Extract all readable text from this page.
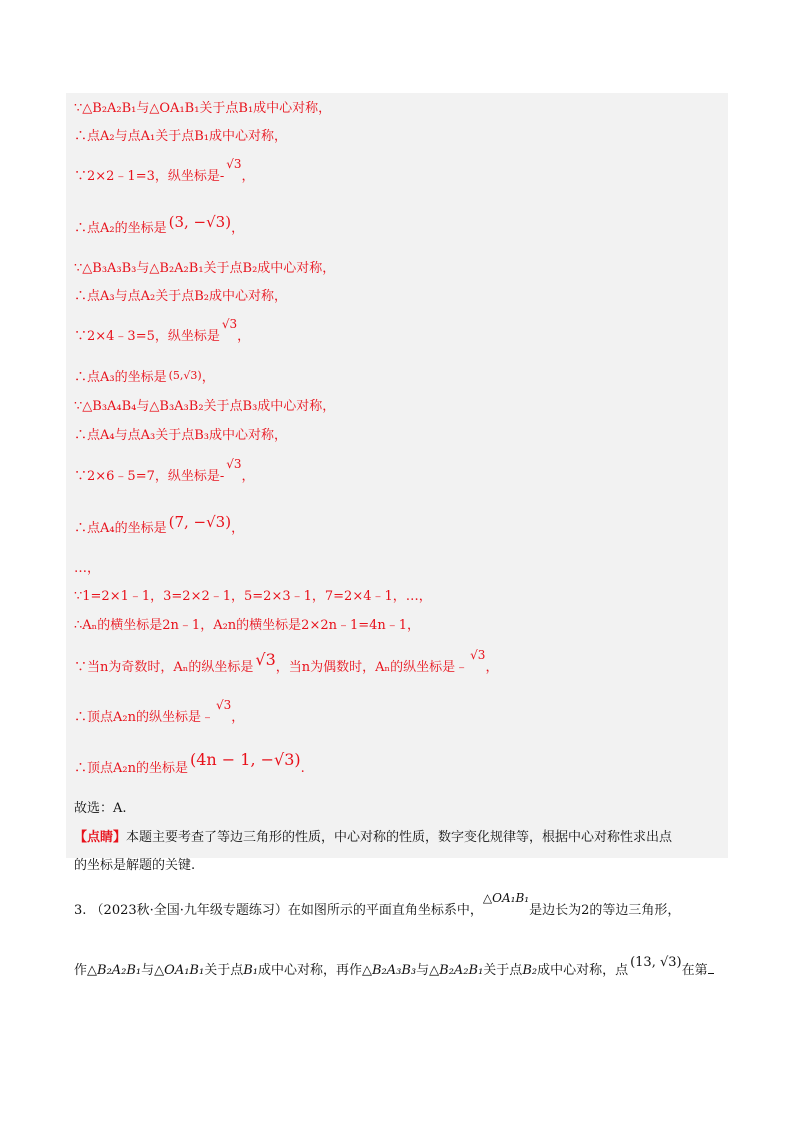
∵△B₂A₂B₁与△OA₁B₁关于点B₁成中心对称，
∴点A₂与点A₁关于点B₁成中心对称，
∵2×2﹣1=3，纵坐标是-√3，
∴点A₂的坐标是 (3, −√3)，
∵△B₃A₃B₃与△B₂A₂B₁关于点B₂成中心对称，
∴点A₃与点A₂关于点B₂成中心对称，
∵2×4﹣3=5，纵坐标是√3，
∴点A₃的坐标是 (5,√3)，
∵△B₃A₄B₄与△B₃A₃B₂关于点B₃成中心对称，
∴点A₄与点A₃关于点B₃成中心对称，
∵2×6﹣5=7，纵坐标是-√3，
∴点A₄的坐标是 (7, −√3)，
…，
∵1=2×1﹣1，3=2×2﹣1，5=2×3﹣1，7=2×4﹣1，…，
∴Aₙ的横坐标是2n﹣1，A₂n的横坐标是2×2n﹣1=4n﹣1，
∵当n为奇数时，Aₙ的纵坐标是 √3，当n为偶数时，Aₙ的纵坐标是﹣√3，
∴顶点A₂n的纵坐标是﹣√3，
∴顶点A₂n的坐标是 (4n − 1, −√3).
故选：A.
【点睛】本题主要考查了等边三角形的性质，中心对称的性质，数字变化规律等，根据中心对称性求出点
的坐标是解题的关键.
3. （2023秋·全国·九年级专题练习）在如图所示的平面直角坐标系中，△OA₁B₁是边长为2的等边三角形，
作△B₂A₂B₁与△OA₁B₁关于点B₁成中心对称，再作△B₂A₃B₃与△B₂A₂B₁关于点B₂成中心对称，点(13, √3)在第
